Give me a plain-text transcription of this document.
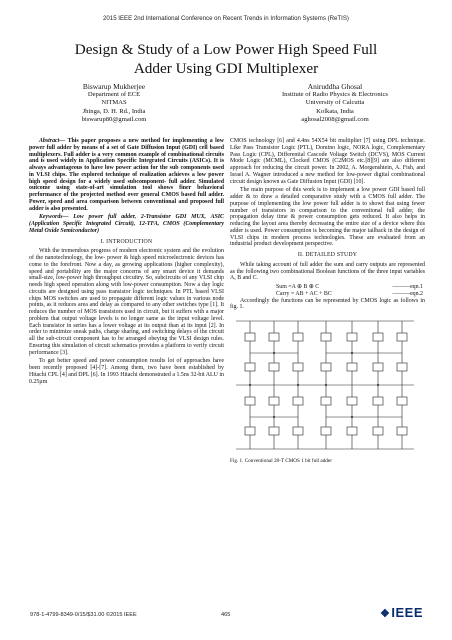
2015 IEEE 2nd International Conference on Recent Trends in Information Systems (ReTIS)
Design & Study of a Low Power High Speed Full
Adder Using GDI Multiplexer
Biswarup Mukherjee
Department of ECE
NITMAS
Jhinga, D. H. Rd., India
biswarup80@gmail.com
Aniruddha Ghosal
Institute of Radio Physics & Electronics
University of Calcutta
Kolkata, India
aghosal2008@gmail.com

Abstract— This paper proposes a new method for implementing a low power full adder by means of a set of Gate Diffusion Input (GDI) cell based multiplexers. Full adder is a very common example of combinational circuits and is used widely in Application Specific Integrated Circuits (ASICs). It is always advantageous to have low power action for the sub components used in VLSI chips. The explored technique of realization achieves a low power high speed design for a widely used subcomponent- full adder. Simulated outcome using state-of-art simulation tool shows finer behavioral performance of the projected method over general CMOS based full adder. Power, speed and area comparison between conventional and proposed full adder is also presented.

Keywords— Low power full adder, 2-Transistor GDI MUX, ASIC (Application Specific Integrated Circuit), 12-TFA, CMOS (Complementary Metal Oxide Semiconductor)

I. INTRODUCTION

With the tremendous progress of modern electronic system and the evolution of the nanotechnology, the low- power & high speed microelectronic devices has come to the forefront. Now a day, as growing applications (higher complexity), speed and portability are the major concerns of any smart device it demands small-size, low-power high throughput circuitry. So, subcircuits of any VLSI chip needs high speed operation along with low-power consumption. Now a day logic circuits are designed using pass transistor logic techniques. In PTL based VLSI chips MOS switches are used to propagate different logic values in various node points, as it reduces area and delay as compared to any other switches type [1]. It reduces the number of MOS transistors used in circuit, but it suffers with a major problem that output voltage levels is no longer same as the input voltage level. Each transistor in series has a lower voltage at its output than at its input [2]. In order to minimize sneak paths, charge sharing, and switching delays of the circuit all the sub-circuit component has to be arranged obeying the VLSI design rules. Ensuring this simulation of circuit schematics provides a platform to verify circuit performance [3].

To get better speed and power consumption results lot of approaches have been recently proposed [4]-[7]. Among them, two have been established by Hitachi CPL [4] and DPL [6]. In 1993 Hitachi demonstrated a 1.5ns 32-bit ALU in 0.25µm

CMOS technology [6] and 4.4ns 54X54 bit multiplier [7] using DPL technique. Like Pass Transistor Logic (PTL), Domino logic, NORA logic, Complementary Pass Logic (CPL), Differential Cascode Voltage Switch (DCVS), MOS Current Mode Logic (MCML), Clocked CMOS (C2MOS etc.[8][9] are also different approach for reducing the circuit power. In 2002, A. Morgenshtein, A. Fish, and Israel A. Wagner introduced a new method for low-power digital combinational circuit design known as Gate Diffusion Input (GDI) [10].

The main purpose of this work is to implement a low power GDI based full adder & to draw a detailed comparative study with a CMOS full adder. The purpose of implementing the low power full adder is to showt that using fewer number of transistors in comparison to the conventional full adder, the propagation delay time & power consumption gets reduced. It also helps in reducing the layout area thereby decreasing the entire size of a device where this adder is used. Power consumption is becoming the major tailback in the design of VLSI chips in modern process technologies. These are evaluated from an industrial product development perspective.

II. DETAILED STUDY

While taking account of full adder the sum and carry outputs are represented as the following two combinational Boolean functions of the three input variables A, B and C.

Sum =A ⊕ B ⊕ C	———eqn.1
Carry = AB + AC + BC	———eqn.2

Accordingly the functions can be represented by CMOS logic as follows in fig. 1.

Fig. 1. Conventional 28-T CMOS 1 bit full adder
978-1-4799-8349-0/15/$31.00 ©2015 IEEE	465	❖IEEE
